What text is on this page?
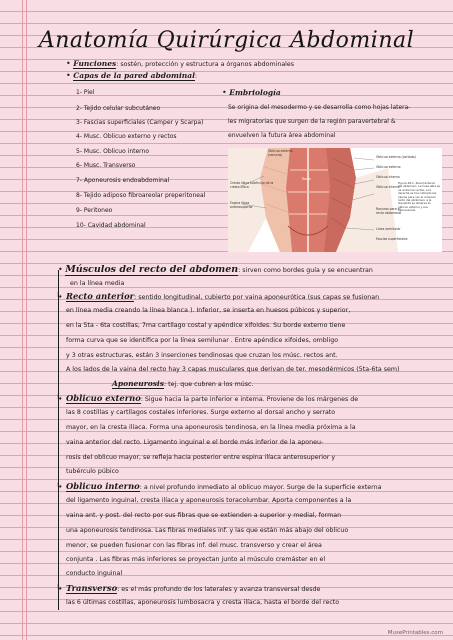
Anatomía Quirúrgica Abdominal
• Funciones: sostén, protección y estructura a órganos abdominales
• Capas de la pared abdominal:
1- Piel
2- Tejido celular subcutáneo
3- Fascias superficiales (Camper y Scarpa)
4- Musc. Oblicuo externo y rectos
5- Musc. Oblicuo interno
6- Musc. Transverso
7- Aponeurosis endoabdominal
8- Tejido adiposo fibroareolar preperitoneal
9- Peritoneo
10- Cavidad abdominal
• Embriología
Se origina del mesodermo y se desarrolla como hojas latera-
les migratorias que surgen de la región paravertebral &
envuelven la futura área abdominal
Cresta ilíaca tubérculo de la
cresta ilíaca
Espina ilíaca
anterosuperior
Oblicuo externo
(ranuras)
Recto
Oblicuo externo (cortado)
Oblicuo externo
Oblicuo interno
Oblicuo interno
Ranuras para el
recto abdominal
Línea semilunar
Fascias superficiales
Figura 28-1. Pared anterior del abdomen. La línea alba se ve entre los rectos; a la derecha se han retirado las vainas para ver el músculo recto del abdomen; a la izquierda se observa el oblicuo externo y sus aponeurosis.
• Músculos del recto del abdomen: sirven como bordes guía y se encuentran
en la línea media
↳ Recto anterior: sentido longitudinal, cubierto por vaina aponeurótica (sus capas se fusionan
en línea media creando la línea blanca ). Inferior, se inserta en huesos púbicos y superior,
en la 5ta - 6ta costillas, 7ma cartílago costal y apéndice xifoides. Su borde externo tiene
forma curva que se identifica por la línea semilunar . Entre apéndice xifoides, ombligo
y 3 otras estructuras, están 3 inserciones tendinosas que cruzan los músc. rectos ant.
A los lados de la vaina del recto hay 3 capas musculares que derivan de ter. mesodérmicos (5ta-6ta sem)
Aponeurosis: tej. que cubren a los músc.
↳ Oblicuo externo: Sigue hacia la parte inferior e interna. Proviene de los márgenes de
las 8 costillas y cartílagos costales inferiores. Surge externo al dorsal ancho y serrato
mayor, en la cresta ilíaca. Forma una aponeurosis tendinosa, en la línea media próxima a la
vaina anterior del recto. Ligamento inguinal e el borde más inferior de la aponeu-
rosis del oblicuo mayor, se refleja hacia posterior entre espina ilíaca anterosuperior y
tubérculo púbico
↳ Oblicuo interno: a nivel profundo inmediato al oblicuo mayor. Surge de la superficie externa
del ligamento inguinal, cresta ilíaca y aponeurosis toracolumbar. Aporta componentes a la
vaina ant. y post. del recto por sus fibras que se extienden a superior y medial, forman
una aponeurosis tendinosa. Las fibras mediales inf. y las que están más abajo del oblicuo
menor, se pueden fusionar con las fibras inf. del musc. transverso y crear el área
conjunta . Las fibras más inferiores se proyectan junto al músculo cremáster en el
conducto inguinal
↳ Transverso: es el más profundo de los laterales y avanza transversal desde
las 6 últimas costillas, aponeurosis lumbosacra y cresta ilíaca, hasta el borde del recto
MusePrintables.com
